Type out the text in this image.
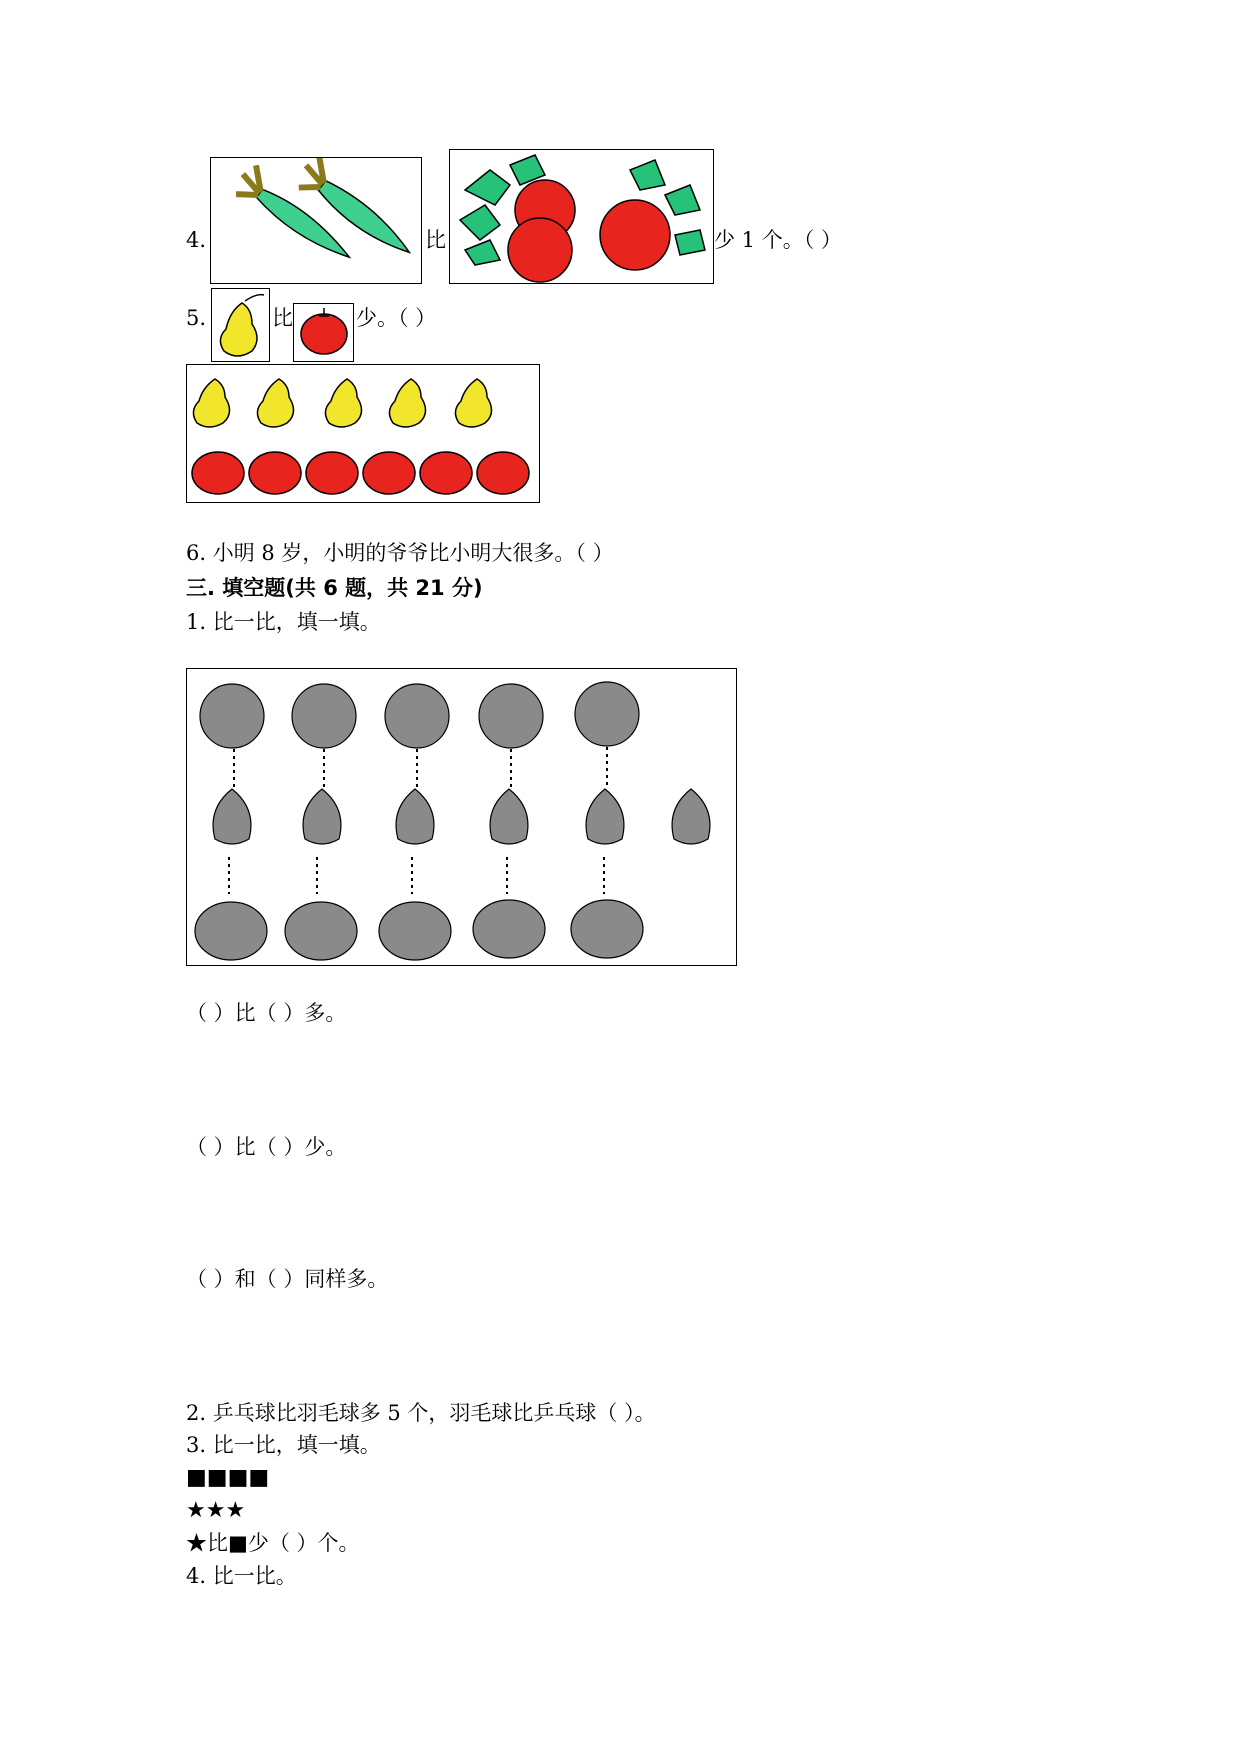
4.	比	少 1 个。（ ）
5.	比	少。（ ）
6. 小明 8 岁，小明的爷爷比小明大很多。（ ）
三. 填空题(共 6 题，共 21 分)
1. 比一比，填一填。
（ ）比（ ）多。
（ ）比（ ）少。
（ ）和（ ）同样多。
2. 乒乓球比羽毛球多 5 个，羽毛球比乒乓球（ ）。
3. 比一比，填一填。
■■■■
★★★
★比■少（ ）个。
4. 比一比。
